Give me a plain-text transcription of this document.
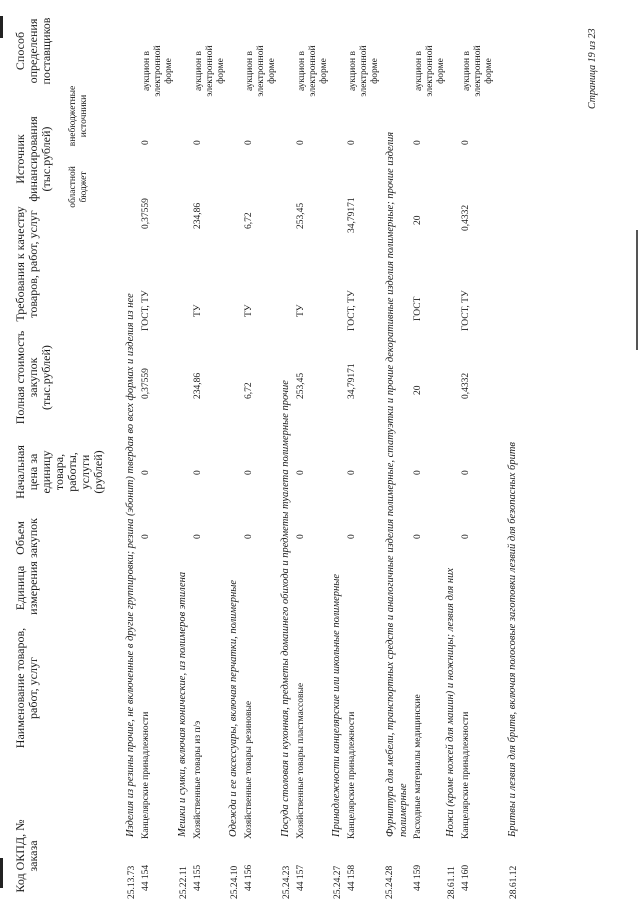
Код ОКПД, № заказа
Наименование товаров, работ, услуг
Единица измерения
Объем закупок
Начальная цена за единицу товара, работы, услуги (рублей)
Полная стоимость закупок (тыс.рублей)
Требования к качеству товаров, работ, услуг
Источник финансирования (тыс.рублей) областной бюджет
внебюджетные источники
Способ определения поставщиков
25.13.73
Изделия из резины прочие, не включенные в другие группировки; резина (эбонит) твердая во всех формах и изделия из нее
44 154
Канцелярские принадлежности
0
0
0,37559
ГОСТ, ТУ
0,37559
0
аукцион в электронной форме
25.22.11
Мешки и сумки, включая конические, из полимеров этилена
44 155
Хозяйственные товары из п/э
0
0
234,86
ТУ
234,86
0
аукцион в электронной форме
25.24.10
Одежда и ее аксессуары, включая перчатки, полимерные
44 156
Хозяйственные товары резиновые
0
0
6,72
ТУ
6,72
0
аукцион в электронной форме
25.24.23
Посуда столовая и кухонная, предметы домашнего обихода и предметы туалета полимерные прочие
44 157
Хозяйственные товары пластмассовые
0
0
253,45
ТУ
253,45
0
аукцион в электронной форме
25.24.27
Принадлежности канцелярские или школьные полимерные
44 158
Канцелярские принадлежности
0
0
34,79171
ГОСТ, ТУ
34,79171
0
аукцион в электронной форме
25.24.28
Фурнитура для мебели, транспортных средств и аналогичные изделия полимерные, статуэтки и прочие декоративные изделия полимерные; прочие изделия полимерные
44 159
Расходные материалы медицинские
0
0
20
ГОСТ
20
0
аукцион в электронной форме
28.61.11
Ножи (кроме ножей для машин) и ножницы; лезвия для них
44 160
Канцелярские принадлежности
0
0
0,4332
ГОСТ, ТУ
0,4332
0
аукцион в электронной форме
28.61.12
Бритвы и лезвия для бритв, включая полосовые заготовки лезвий для безопасных бритв
Страница 19 из 23
